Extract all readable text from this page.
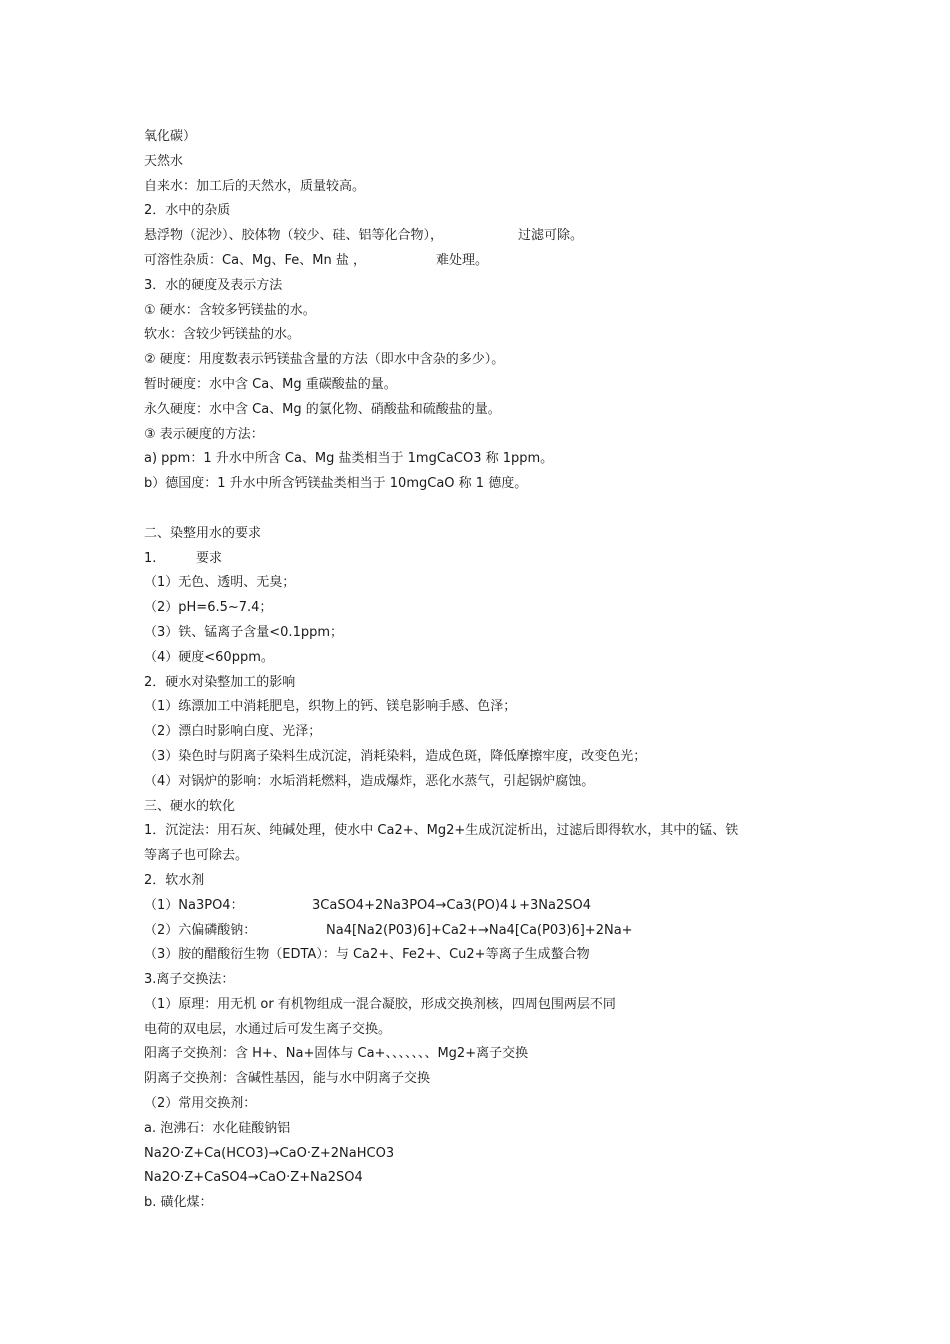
氧化碳）
天然水
自来水：加工后的天然水，质量较高。
2．水中的杂质
悬浮物（泥沙）、胶体物（较少、硅、铝等化合物），	过滤可除。
可溶性杂质：Ca、Mg、Fe、Mn 盐 ，	难处理。
3．水的硬度及表示方法
① 硬水：含较多钙镁盐的水。
软水：含较少钙镁盐的水。
② 硬度：用度数表示钙镁盐含量的方法（即水中含杂的多少）。
暂时硬度：水中含 Ca、Mg 重碳酸盐的量。
永久硬度：水中含 Ca、Mg 的氯化物、硝酸盐和硫酸盐的量。
③ 表示硬度的方法：
a) ppm：1 升水中所含 Ca、Mg 盐类相当于 1mgCaCO3 称 1ppm。
b）德国度：1 升水中所含钙镁盐类相当于 10mgCaO 称 1 德度。
二、染整用水的要求
1.	要求
（1）无色、透明、无臭；
（2）pH=6.5~7.4；
（3）铁、锰离子含量<0.1ppm；
（4）硬度<60ppm。
2．硬水对染整加工的影响
（1）练漂加工中消耗肥皂，织物上的钙、镁皂影响手感、色泽；
（2）漂白时影响白度、光泽；
（3）染色时与阴离子染料生成沉淀，消耗染料，造成色斑，降低摩擦牢度，改变色光；
（4）对锅炉的影响：水垢消耗燃料，造成爆炸，恶化水蒸气，引起锅炉腐蚀。
三、硬水的软化
1．沉淀法：用石灰、纯碱处理，使水中 Ca2+、Mg2+生成沉淀析出，过滤后即得软水，其中的锰、铁
等离子也可除去。
2．软水剂
（1）Na3PO4：	3CaSO4+2Na3PO4→Ca3(PO)4↓+3Na2SO4
（2）六偏磷酸钠：	Na4[Na2(P03)6]+Ca2+→Na4[Ca(P03)6]+2Na+
（3）胺的醋酸衍生物（EDTA）：与 Ca2+、Fe2+、Cu2+等离子生成螯合物
3.离子交换法：
（1）原理：用无机 or 有机物组成一混合凝胶，形成交换剂核，四周包围两层不同
电荷的双电层，水通过后可发生离子交换。
阳离子交换剂：含 H+、Na+固体与 Ca+、、、、、、、Mg2+离子交换
阴离子交换剂：含碱性基因，能与水中阴离子交换
（2）常用交换剂：
a. 泡沸石：水化硅酸钠铝
Na2O·Z+Ca(HCO3)→CaO·Z+2NaHCO3
Na2O·Z+CaSO4→CaO·Z+Na2SO4
b. 磺化煤：
